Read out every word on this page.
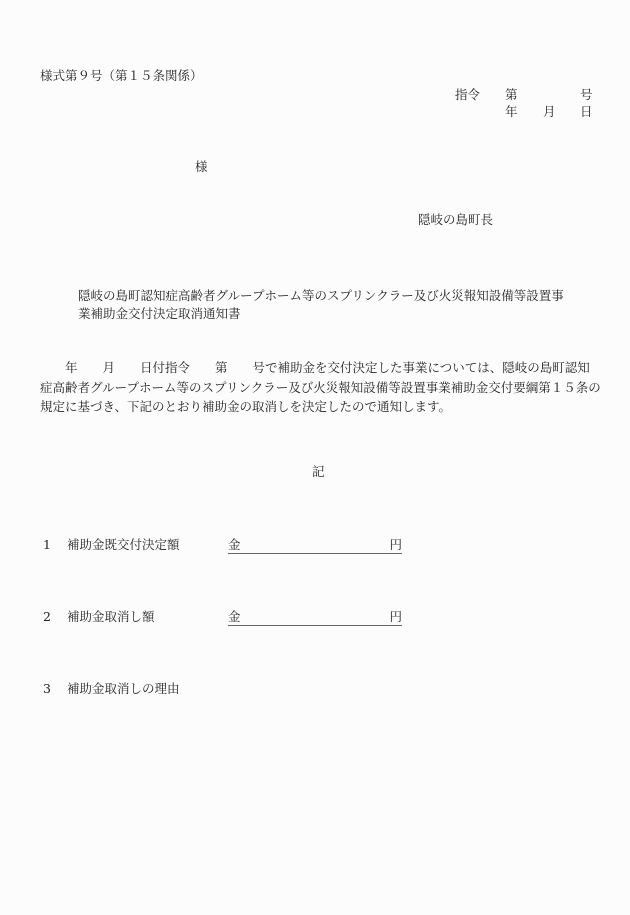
様式第９号（第１５条関係）
指令 第	号
年 月 日
様
隠岐の島町長
隠岐の島町認知症高齢者グループホーム等のスプリンクラー及び火災報知設備等設置事
業補助金交付決定取消通知書
　　年　　月　　日付指令　　第　　号で補助金を交付決定した事業については、隠岐の島町認知
症高齢者グループホーム等のスプリンクラー及び火災報知設備等設置事業補助金交付要綱第１５条の
規定に基づき、下記のとおり補助金の取消しを決定したので通知します。
記
1 補助金既交付決定額	金	円
2 補助金取消し額	金	円
3 補助金取消しの理由
